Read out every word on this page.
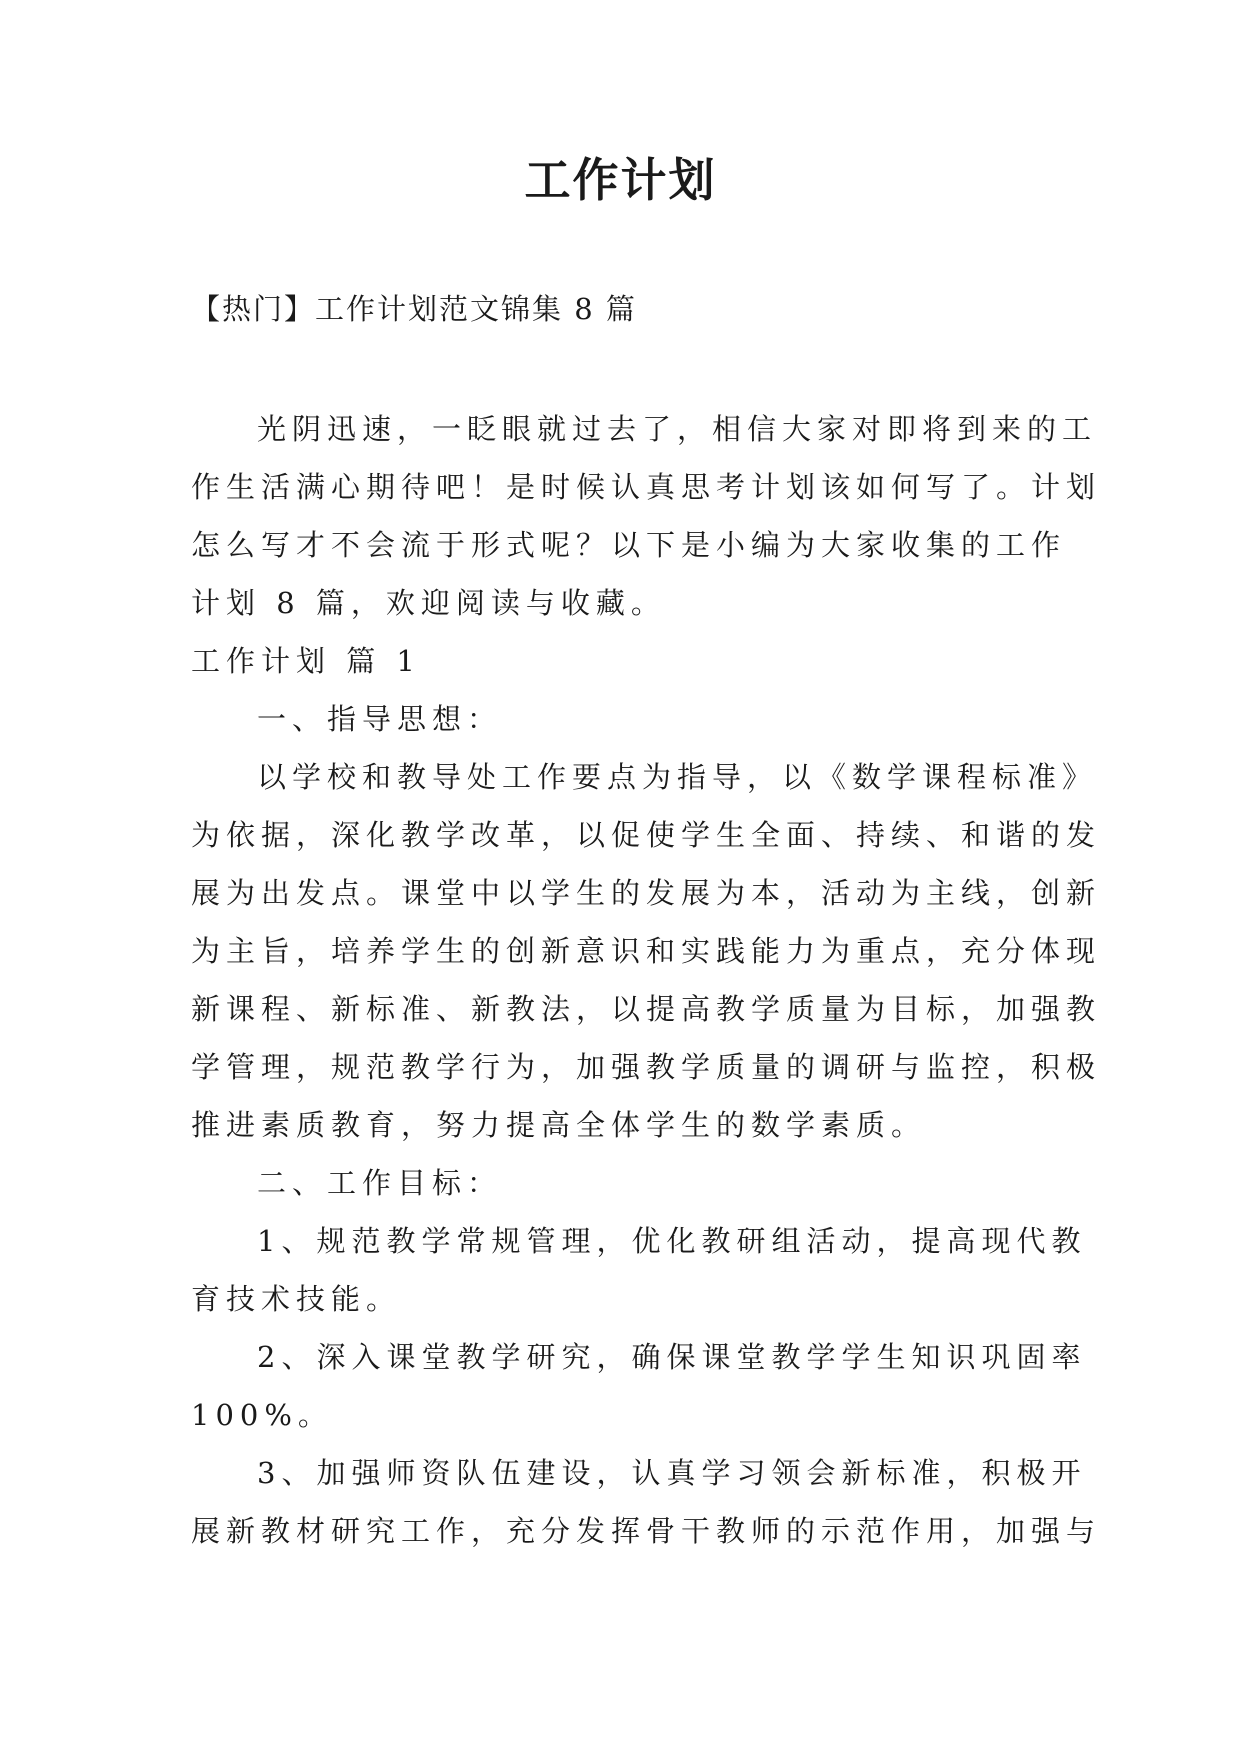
工作计划
【热门】工作计划范文锦集 8 篇

光阴迅速，一眨眼就过去了，相信大家对即将到来的工
作生活满心期待吧！是时候认真思考计划该如何写了。计划
怎么写才不会流于形式呢？以下是小编为大家收集的工作
计划 8 篇，欢迎阅读与收藏。

工作计划 篇 1

一、指导思想：

以学校和教导处工作要点为指导，以《数学课程标准》
为依据，深化教学改革，以促使学生全面、持续、和谐的发
展为出发点。课堂中以学生的发展为本，活动为主线，创新
为主旨，培养学生的创新意识和实践能力为重点，充分体现
新课程、新标准、新教法，以提高教学质量为目标，加强教
学管理，规范教学行为，加强教学质量的调研与监控，积极
推进素质教育，努力提高全体学生的数学素质。

二、工作目标：

1、规范教学常规管理，优化教研组活动，提高现代教
育技术技能。

2、深入课堂教学研究，确保课堂教学学生知识巩固率
100%。

3、加强师资队伍建设，认真学习领会新标准，积极开
展新教材研究工作，充分发挥骨干教师的示范作用，加强与
